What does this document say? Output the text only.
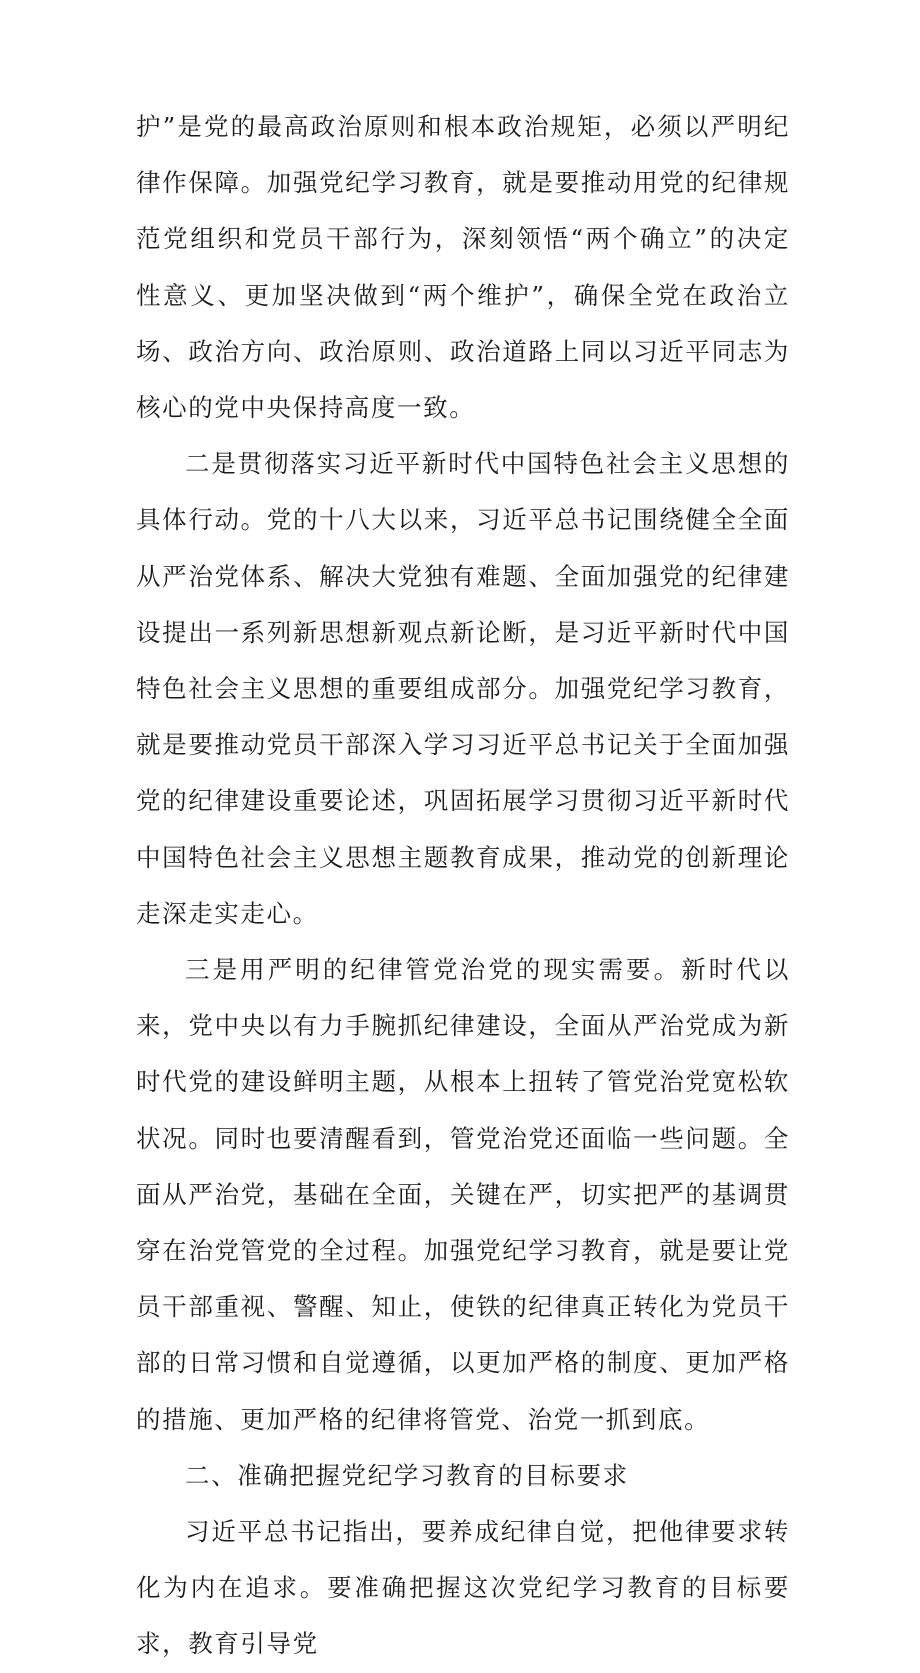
护”是党的最高政治原则和根本政治规矩，必须以严明纪律作保障。加强党纪学习教育，就是要推动用党的纪律规范党组织和党员干部行为，深刻领悟“两个确立”的决定性意义、更加坚决做到“两个维护”，确保全党在政治立场、政治方向、政治原则、政治道路上同以习近平同志为核心的党中央保持高度一致。

二是贯彻落实习近平新时代中国特色社会主义思想的具体行动。党的十八大以来，习近平总书记围绕健全全面从严治党体系、解决大党独有难题、全面加强党的纪律建设提出一系列新思想新观点新论断，是习近平新时代中国特色社会主义思想的重要组成部分。加强党纪学习教育，就是要推动党员干部深入学习习近平总书记关于全面加强党的纪律建设重要论述，巩固拓展学习贯彻习近平新时代中国特色社会主义思想主题教育成果，推动党的创新理论走深走实走心。

三是用严明的纪律管党治党的现实需要。新时代以来，党中央以有力手腕抓纪律建设，全面从严治党成为新时代党的建设鲜明主题，从根本上扭转了管党治党宽松软状况。同时也要清醒看到，管党治党还面临一些问题。全面从严治党，基础在全面，关键在严，切实把严的基调贯穿在治党管党的全过程。加强党纪学习教育，就是要让党员干部重视、警醒、知止，使铁的纪律真正转化为党员干部的日常习惯和自觉遵循，以更加严格的制度、更加严格的措施、更加严格的纪律将管党、治党一抓到底。

二、准确把握党纪学习教育的目标要求

习近平总书记指出，要养成纪律自觉，把他律要求转化为内在追求。要准确把握这次党纪学习教育的目标要求，教育引导党
